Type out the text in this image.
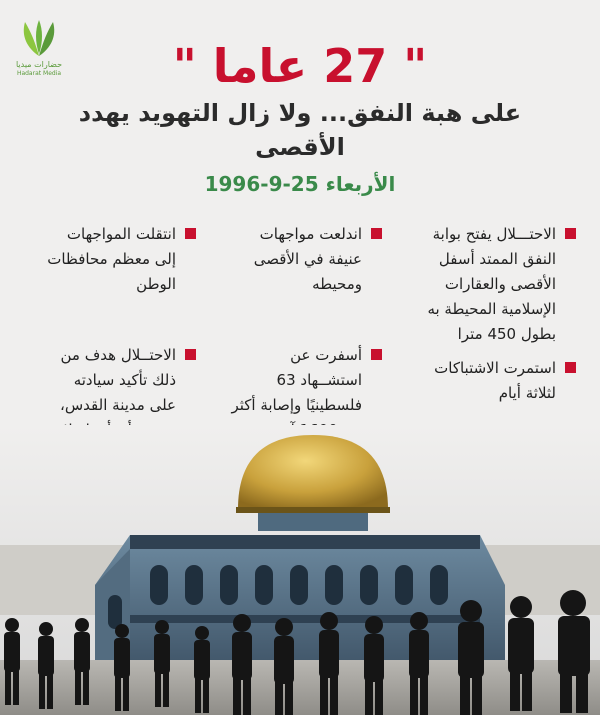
حضارات ميديا
Hadarat Media	" 27 عاما "
على هبة النفق... ولا زال التهويد يهدد الأقصى
الأربعاء 25-9-1996
الاحتـــلال يفتح بوابة
النفق الممتد أسفل
الأقصى والعقارات
الإسلامية المحيطة به
بطول 450 مترا
اندلعت مواجهات
عنيفة في الأقصى
ومحيطه
انتقلت المواجهات
إلى معظم محافظات
الوطن
استمرت الاشتباكات
لثلاثة أيام
أسفرت عن
استشــهاد 63
فلسطينيًا وإصابة أكثر

الاحتــلال هدف من
ذلك تأكيد سيادته
على مدينة القدس،
